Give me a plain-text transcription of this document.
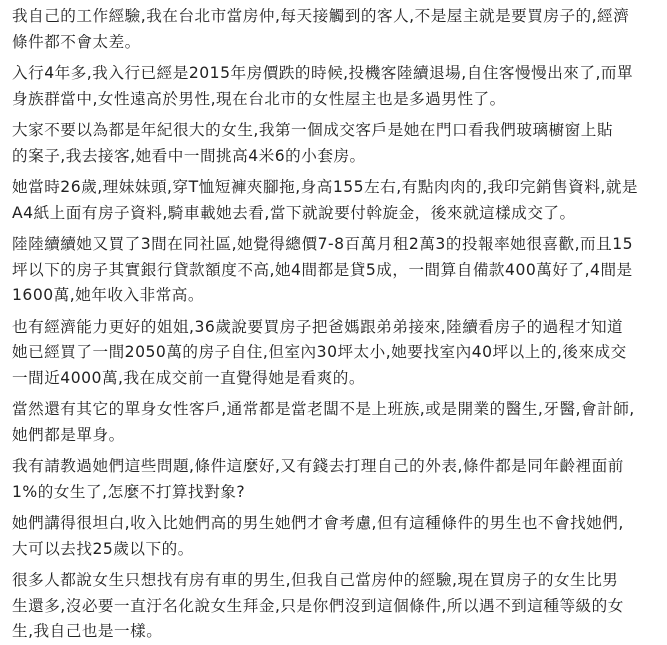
我自己的工作經驗,我在台北市當房仲,每天接觸到的客人,不是屋主就是要買房子的,經濟
條件都不會太差。

入行4年多,我入行已經是2015年房價跌的時候,投機客陸續退場,自住客慢慢出來了,而單
身族群當中,女性遠高於男性,現在台北市的女性屋主也是多過男性了。

大家不要以為都是年紀很大的女生,我第一個成交客戶是她在門口看我們玻璃櫥窗上貼
的案子,我去接客,她看中一間挑高4米6的小套房。

她當時26歲,理妹妹頭,穿T恤短褲夾腳拖,身高155左右,有點肉肉的,我印完銷售資料,就是
A4紙上面有房子資料,騎車載她去看,當下就說要付斡旋金，後來就這樣成交了。

陸陸續續她又買了3間在同社區,她覺得總價7-8百萬月租2萬3的投報率她很喜歡,而且15
坪以下的房子其實銀行貸款額度不高,她4間都是貸5成，一間算自備款400萬好了,4間是
1600萬,她年收入非常高。

也有經濟能力更好的姐姐,36歲說要買房子把爸媽跟弟弟接來,陸續看房子的過程才知道
她已經買了一間2050萬的房子自住,但室內30坪太小,她要找室內40坪以上的,後來成交
一間近4000萬,我在成交前一直覺得她是看爽的。

當然還有其它的單身女性客戶,通常都是當老闆不是上班族,或是開業的醫生,牙醫,會計師,
她們都是單身。

我有請教過她們這些問題,條件這麼好,又有錢去打理自己的外表,條件都是同年齡裡面前
1%的女生了,怎麼不打算找對象?

她們講得很坦白,收入比她們高的男生她們才會考慮,但有這種條件的男生也不會找她們,
大可以去找25歲以下的。

很多人都說女生只想找有房有車的男生,但我自己當房仲的經驗,現在買房子的女生比男
生還多,沒必要一直汙名化說女生拜金,只是你們沒到這個條件,所以遇不到這種等級的女
生,我自己也是一樣。
